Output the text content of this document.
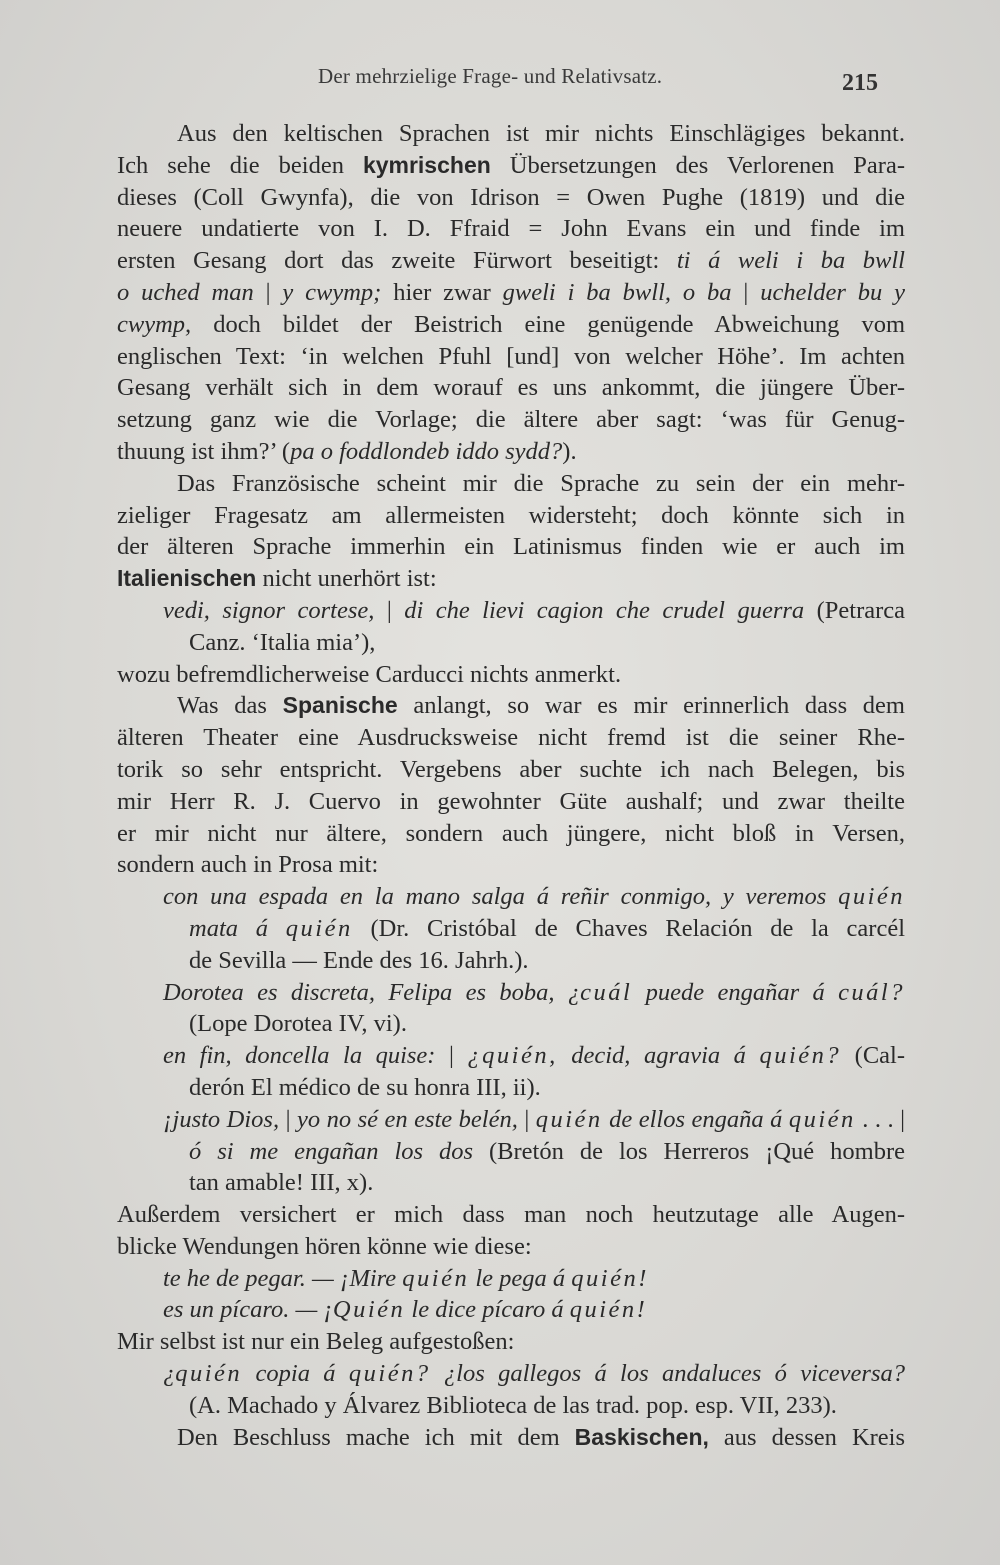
Der mehrzielige Frage- und Relativsatz.	215
Aus den keltischen Sprachen ist mir nichts Einschlägiges bekannt.
Ich sehe die beiden kymrischen Übersetzungen des Verlorenen Para-
dieses (Coll Gwynfa), die von Idrison = Owen Pughe (1819) und die
neuere undatierte von I. D. Ffraid = John Evans ein und finde im
ersten Gesang dort das zweite Fürwort beseitigt: ti á weli i ba bwll
o uched man | y cwymp; hier zwar gweli i ba bwll, o ba | uchelder bu y
cwymp, doch bildet der Beistrich eine genügende Abweichung vom
englischen Text: ‘in welchen Pfuhl [und] von welcher Höhe’. Im achten
Gesang verhält sich in dem worauf es uns ankommt, die jüngere Über-
setzung ganz wie die Vorlage; die ältere aber sagt: ‘was für Genug-
thuung ist ihm?’ (pa o foddlondeb iddo sydd?).
Das Französische scheint mir die Sprache zu sein der ein mehr-
zieliger Fragesatz am allermeisten widersteht; doch könnte sich in
der älteren Sprache immerhin ein Latinismus finden wie er auch im
Italienischen nicht unerhört ist:
vedi, signor cortese, | di che lievi cagion che crudel guerra (Petrarca
Canz. ‘Italia mia’),
wozu befremdlicherweise Carducci nichts anmerkt.
Was das Spanische anlangt, so war es mir erinnerlich dass dem
älteren Theater eine Ausdrucksweise nicht fremd ist die seiner Rhe-
torik so sehr entspricht. Vergebens aber suchte ich nach Belegen, bis
mir Herr R. J. Cuervo in gewohnter Güte aushalf; und zwar theilte
er mir nicht nur ältere, sondern auch jüngere, nicht bloß in Versen,
sondern auch in Prosa mit:
con una espada en la mano salga á reñir conmigo, y veremos quién
mata á quién (Dr. Cristóbal de Chaves Relación de la carcél
de Sevilla — Ende des 16. Jahrh.).
Dorotea es discreta, Felipa es boba, ¿cuál puede engañar á cuál?
(Lope Dorotea IV, vi).
en fin, doncella la quise: | ¿quién, decid, agravia á quién? (Cal-
derón El médico de su honra III, ii).
¡justo Dios, | yo no sé en este belén, | quién de ellos engaña á quién . . . |
ó si me engañan los dos (Bretón de los Herreros ¡Qué hombre
tan amable! III, x).
Außerdem versichert er mich dass man noch heutzutage alle Augen-
blicke Wendungen hören könne wie diese:
te he de pegar. — ¡Mire quién le pega á quién!
es un pícaro. — ¡Quién le dice pícaro á quién!
Mir selbst ist nur ein Beleg aufgestoßen:
¿quién copia á quién? ¿los gallegos á los andaluces ó viceversa?
(A. Machado y Álvarez Biblioteca de las trad. pop. esp. VII, 233).
Den Beschluss mache ich mit dem Baskischen, aus dessen Kreis
